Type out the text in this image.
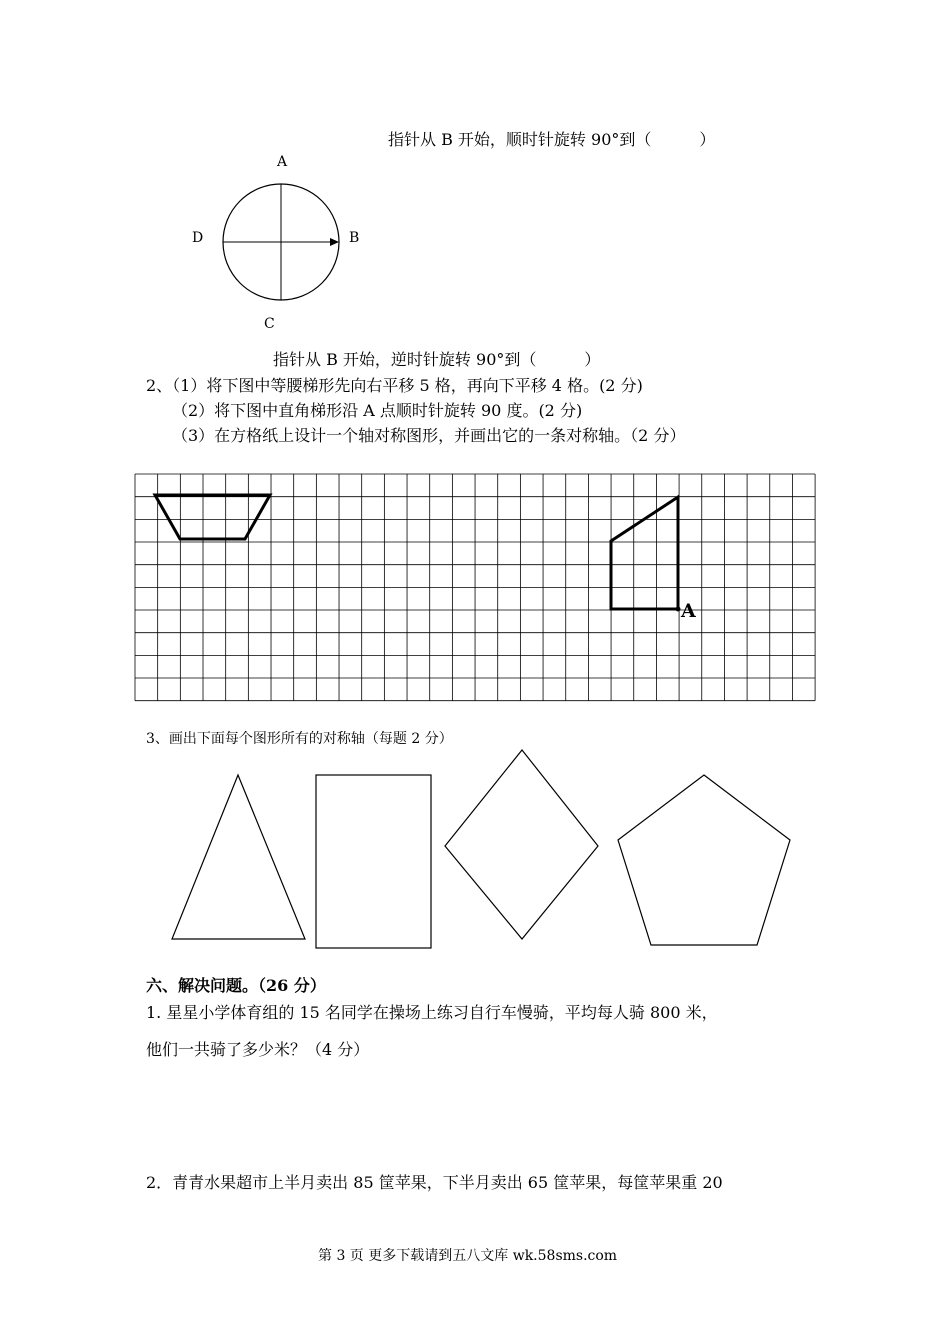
指针从 B 开始，顺时针旋转 90°到（　　　）
A
B
C
D
指针从 B 开始，逆时针旋转 90°到（　　　）
2、（1）将下图中等腰梯形先向右平移 5 格，再向下平移 4 格。(2 分)
（2）将下图中直角梯形沿 A 点顺时针旋转 90 度。(2 分)
（3）在方格纸上设计一个轴对称图形，并画出它的一条对称轴。（2 分）
A
3、画出下面每个图形所有的对称轴（每题 2 分）
六、解决问题。（26 分）
1. 星星小学体育组的 15 名同学在操场上练习自行车慢骑，平均每人骑 800 米，
他们一共骑了多少米？（4 分）
2．青青水果超市上半月卖出 85 筐苹果，下半月卖出 65 筐苹果，每筐苹果重 20
第 3 页 更多下载请到五八文库 wk.58sms.com
